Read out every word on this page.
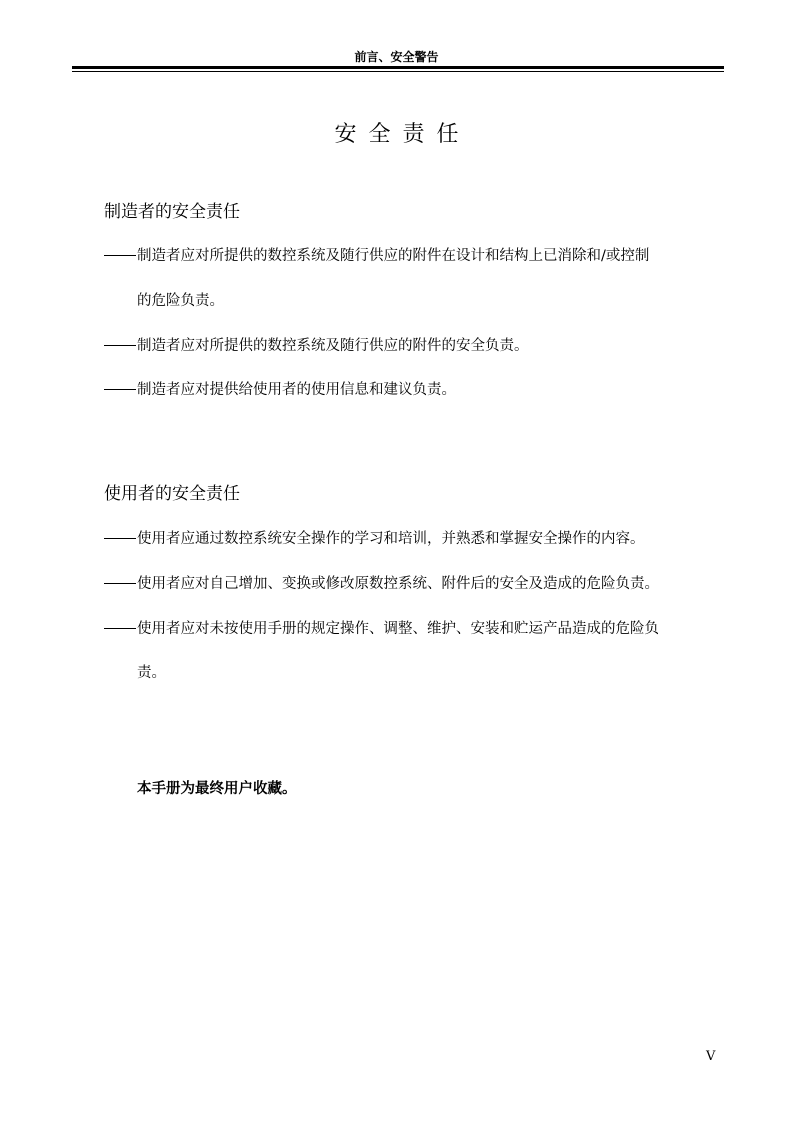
前言、安全警告
安全责任
制造者的安全责任
制造者应对所提供的数控系统及随行供应的附件在设计和结构上已消除和/或控制
的危险负责。
制造者应对所提供的数控系统及随行供应的附件的安全负责。
制造者应对提供给使用者的使用信息和建议负责。
使用者的安全责任
使用者应通过数控系统安全操作的学习和培训，并熟悉和掌握安全操作的内容。
使用者应对自己增加、变换或修改原数控系统、附件后的安全及造成的危险负责。
使用者应对未按使用手册的规定操作、调整、维护、安装和贮运产品造成的危险负
责。
本手册为最终用户收藏。
V
